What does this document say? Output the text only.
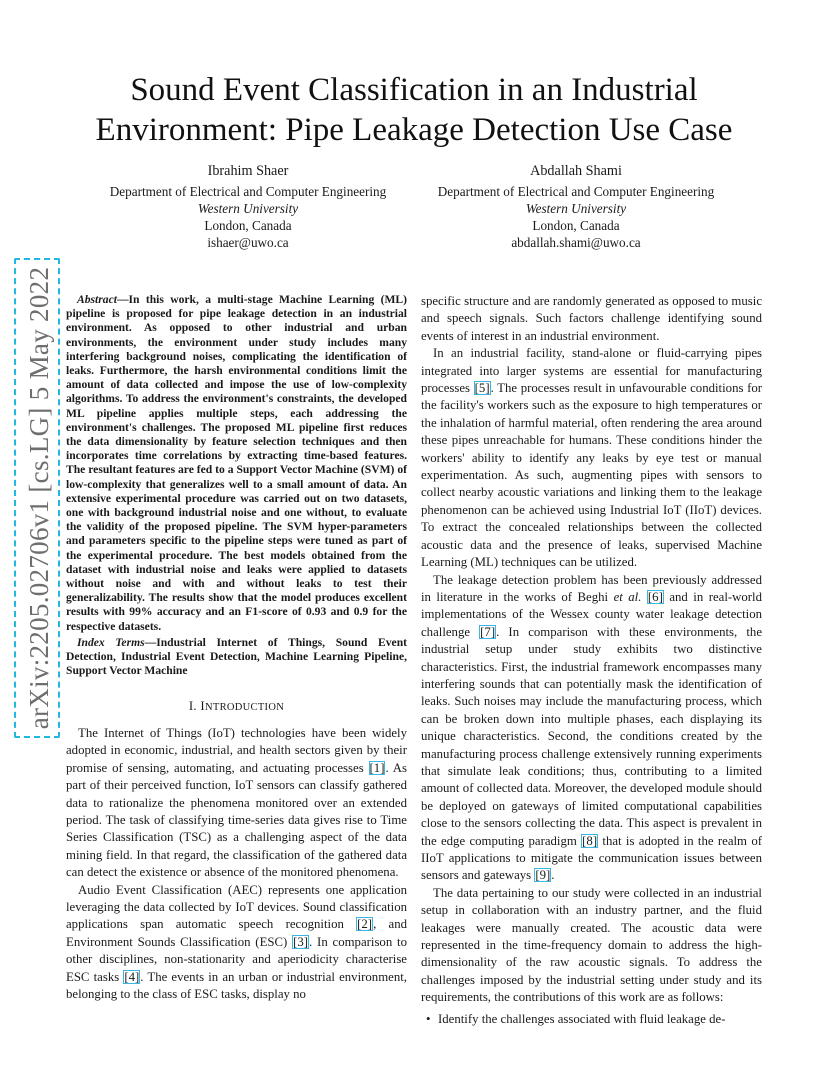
arXiv:2205.02706v1 [cs.LG] 5 May 2022
Sound Event Classification in an Industrial
Environment: Pipe Leakage Detection Use Case
Ibrahim Shaer
Department of Electrical and Computer Engineering
Western University
London, Canada
ishaer@uwo.ca
Abdallah Shami
Department of Electrical and Computer Engineering
Western University
London, Canada
abdallah.shami@uwo.ca

Abstract—In this work, a multi-stage Machine Learning (ML) pipeline is proposed for pipe leakage detection in an industrial environment. As opposed to other industrial and urban environments, the environment under study includes many interfering background noises, complicating the identification of leaks. Furthermore, the harsh environmental conditions limit the amount of data collected and impose the use of low-complexity algorithms. To address the environment's constraints, the developed ML pipeline applies multiple steps, each addressing the environment's challenges. The proposed ML pipeline first reduces the data dimensionality by feature selection techniques and then incorporates time correlations by extracting time-based features. The resultant features are fed to a Support Vector Machine (SVM) of low-complexity that generalizes well to a small amount of data. An extensive experimental procedure was carried out on two datasets, one with background industrial noise and one without, to evaluate the validity of the proposed pipeline. The SVM hyper-parameters and parameters specific to the pipeline steps were tuned as part of the experimental procedure. The best models obtained from the dataset with industrial noise and leaks were applied to datasets without noise and with and without leaks to test their generalizability. The results show that the model produces excellent results with 99% accuracy and an F1-score of 0.93 and 0.9 for the respective datasets.

Index Terms—Industrial Internet of Things, Sound Event Detection, Industrial Event Detection, Machine Learning Pipeline, Support Vector Machine

I. INTRODUCTION

The Internet of Things (IoT) technologies have been widely adopted in economic, industrial, and health sectors given by their promise of sensing, automating, and actuating processes [1]. As part of their perceived function, IoT sensors can classify gathered data to rationalize the phenomena monitored over an extended period. The task of classifying time-series data gives rise to Time Series Classification (TSC) as a challenging aspect of the data mining field. In that regard, the classification of the gathered data can detect the existence or absence of the monitored phenomena.

Audio Event Classification (AEC) represents one application leveraging the data collected by IoT devices. Sound classification applications span automatic speech recognition [2], and Environment Sounds Classification (ESC) [3]. In comparison to other disciplines, non-stationarity and aperiodicity characterise ESC tasks [4]. The events in an urban or industrial environment, belonging to the class of ESC tasks, display no

specific structure and are randomly generated as opposed to music and speech signals. Such factors challenge identifying sound events of interest in an industrial environment.

In an industrial facility, stand-alone or fluid-carrying pipes integrated into larger systems are essential for manufacturing processes [5]. The processes result in unfavourable conditions for the facility's workers such as the exposure to high temperatures or the inhalation of harmful material, often rendering the area around these pipes unreachable for humans. These conditions hinder the workers' ability to identify any leaks by eye test or manual experimentation. As such, augmenting pipes with sensors to collect nearby acoustic variations and linking them to the leakage phenomenon can be achieved using Industrial IoT (IIoT) devices. To extract the concealed relationships between the collected acoustic data and the presence of leaks, supervised Machine Learning (ML) techniques can be utilized.

The leakage detection problem has been previously addressed in literature in the works of Beghi et al. [6] and in real-world implementations of the Wessex county water leakage detection challenge [7]. In comparison with these environments, the industrial setup under study exhibits two distinctive characteristics. First, the industrial framework encompasses many interfering sounds that can potentially mask the identification of leaks. Such noises may include the manufacturing process, which can be broken down into multiple phases, each displaying its unique characteristics. Second, the conditions created by the manufacturing process challenge extensively running experiments that simulate leak conditions; thus, contributing to a limited amount of collected data. Moreover, the developed module should be deployed on gateways of limited computational capabilities close to the sensors collecting the data. This aspect is prevalent in the edge computing paradigm [8] that is adopted in the realm of IIoT applications to mitigate the communication issues between sensors and gateways [9].

The data pertaining to our study were collected in an industrial setup in collaboration with an industry partner, and the fluid leakages were manually created. The acoustic data were represented in the time-frequency domain to address the high-dimensionality of the raw acoustic signals. To address the challenges imposed by the industrial setting under study and its requirements, the contributions of this work are as follows:

• Identify the challenges associated with fluid leakage de-
